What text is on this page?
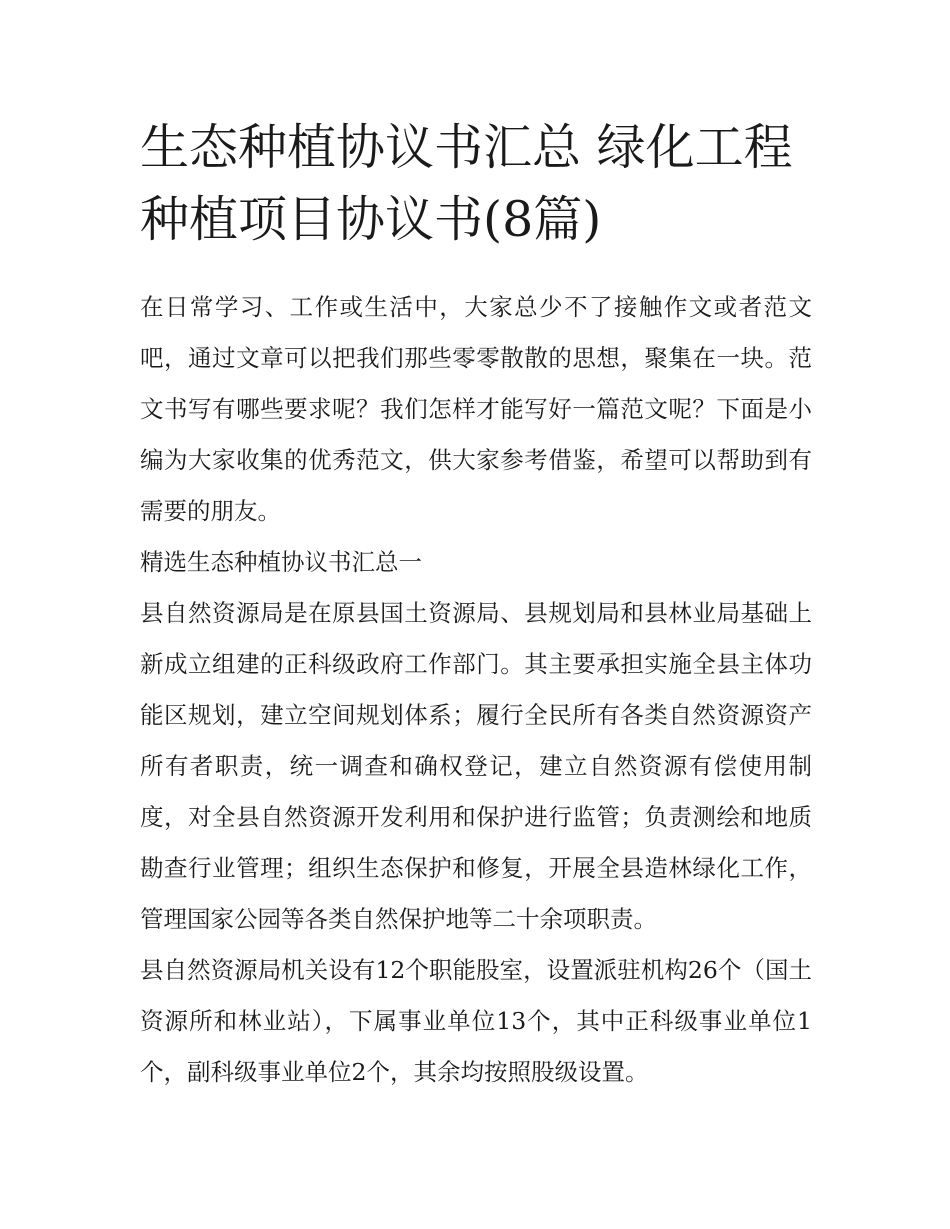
生态种植协议书汇总 绿化工程种植项目协议书(8篇)

在日常学习、工作或生活中，大家总少不了接触作文或者范文吧，通过文章可以把我们那些零零散散的思想，聚集在一块。范文书写有哪些要求呢？我们怎样才能写好一篇范文呢？下面是小编为大家收集的优秀范文，供大家参考借鉴，希望可以帮助到有需要的朋友。

精选生态种植协议书汇总一

县自然资源局是在原县国土资源局、县规划局和县林业局基础上新成立组建的正科级政府工作部门。其主要承担实施全县主体功能区规划，建立空间规划体系；履行全民所有各类自然资源资产所有者职责，统一调查和确权登记，建立自然资源有偿使用制度，对全县自然资源开发利用和保护进行监管；负责测绘和地质勘查行业管理；组织生态保护和修复，开展全县造林绿化工作，管理国家公园等各类自然保护地等二十余项职责。

县自然资源局机关设有12个职能股室，设置派驻机构26个（国土资源所和林业站），下属事业单位13个，其中正科级事业单位1个，副科级事业单位2个，其余均按照股级设置。
